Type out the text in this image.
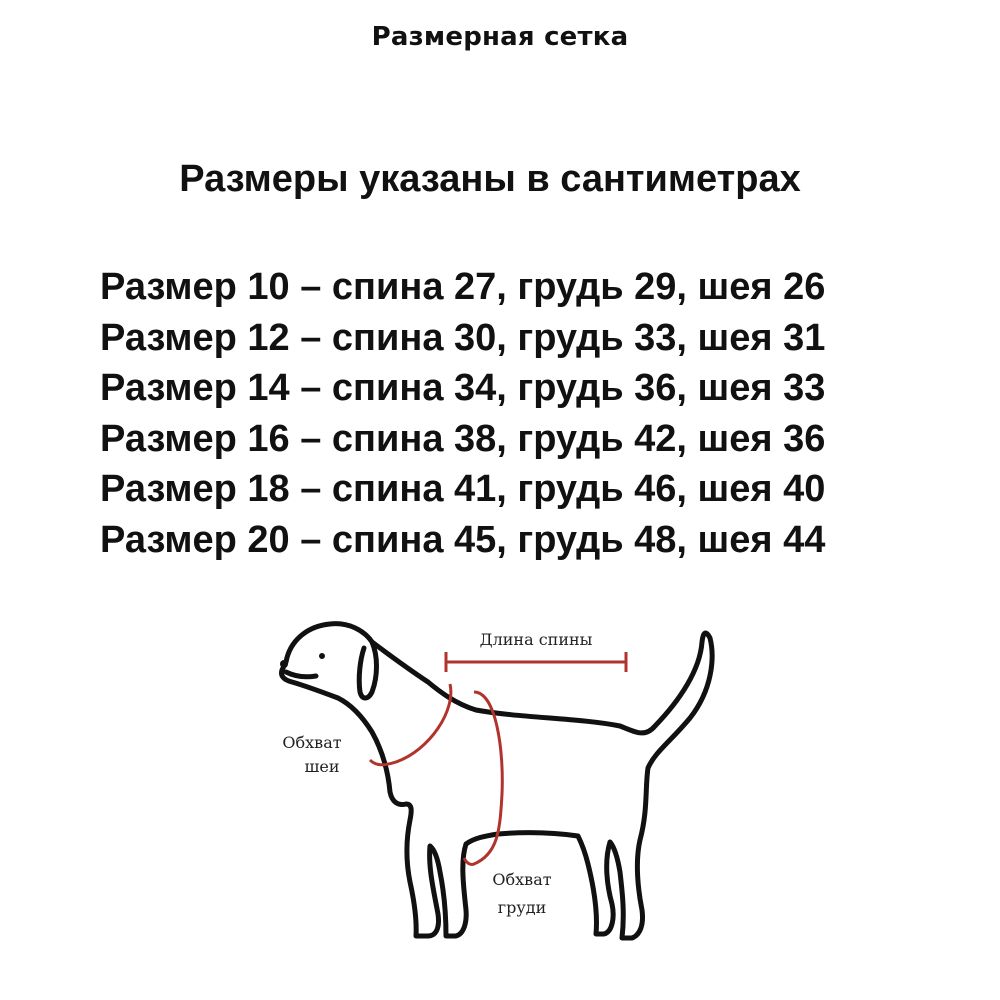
Размерная сетка
Размеры указаны в сантиметрах
Размер 10 – спина 27, грудь 29, шея 26
Размер 12 – спина 30, грудь 33, шея 31
Размер 14 – спина 34, грудь 36, шея 33
Размер 16 – спина 38, грудь 42, шея 36
Размер 18 – спина 41, грудь 46, шея 40
Размер 20 – спина 45, грудь 48, шея 44
Длина спины
Обхват
шеи
Обхват
груди
